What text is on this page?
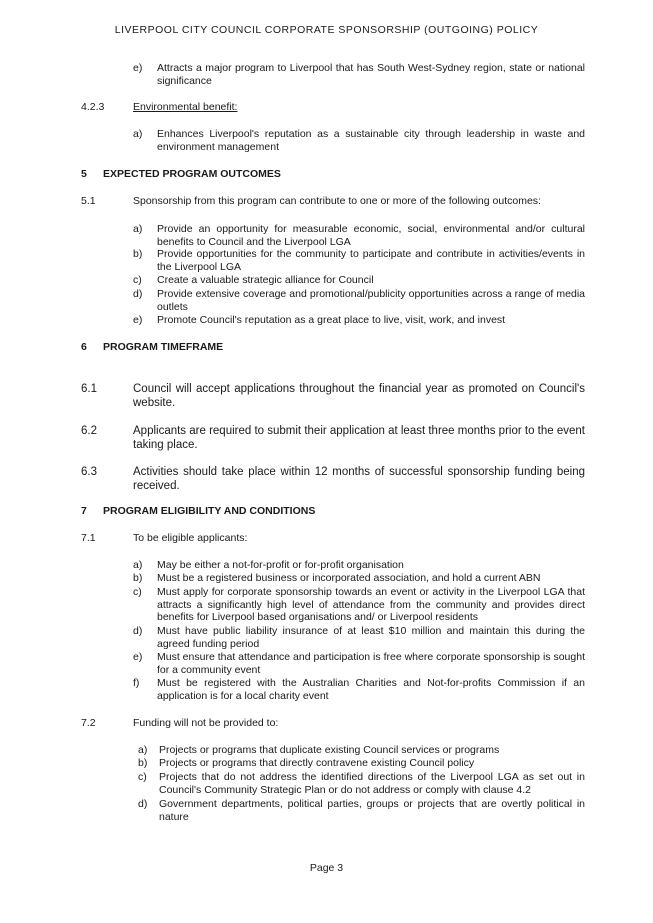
LIVERPOOL CITY COUNCIL CORPORATE SPONSORSHIP (OUTGOING) POLICY
e)	Attracts a major program to Liverpool that has South West-Sydney region, state or national significance
4.2.3	Environmental benefit:
a)	Enhances Liverpool's reputation as a sustainable city through leadership in waste and environment management
5 EXPECTED PROGRAM OUTCOMES
5.1	Sponsorship from this program can contribute to one or more of the following outcomes:
a)	Provide an opportunity for measurable economic, social, environmental and/or cultural benefits to Council and the Liverpool LGA
b)	Provide opportunities for the community to participate and contribute in activities/events in the Liverpool LGA
c)	Create a valuable strategic alliance for Council
d)	Provide extensive coverage and promotional/publicity opportunities across a range of media outlets
e)	Promote Council's reputation as a great place to live, visit, work, and invest
6 PROGRAM TIMEFRAME
6.1	Council will accept applications throughout the financial year as promoted on Council's website.
6.2	Applicants are required to submit their application at least three months prior to the event taking place.
6.3	Activities should take place within 12 months of successful sponsorship funding being received.
7 PROGRAM ELIGIBILITY AND CONDITIONS
7.1	To be eligible applicants:
a)	May be either a not-for-profit or for-profit organisation
b)	Must be a registered business or incorporated association, and hold a current ABN
c)	Must apply for corporate sponsorship towards an event or activity in the Liverpool LGA that attracts a significantly high level of attendance from the community and provides direct benefits for Liverpool based organisations and/ or Liverpool residents
d)	Must have public liability insurance of at least $10 million and maintain this during the agreed funding period
e)	Must ensure that attendance and participation is free where corporate sponsorship is sought for a community event
f)	Must be registered with the Australian Charities and Not-for-profits Commission if an application is for a local charity event
7.2	Funding will not be provided to:
a)	Projects or programs that duplicate existing Council services or programs
b)	Projects or programs that directly contravene existing Council policy
c)	Projects that do not address the identified directions of the Liverpool LGA as set out in Council's Community Strategic Plan or do not address or comply with clause 4.2
d)	Government departments, political parties, groups or projects that are overtly political in nature
Page 3
